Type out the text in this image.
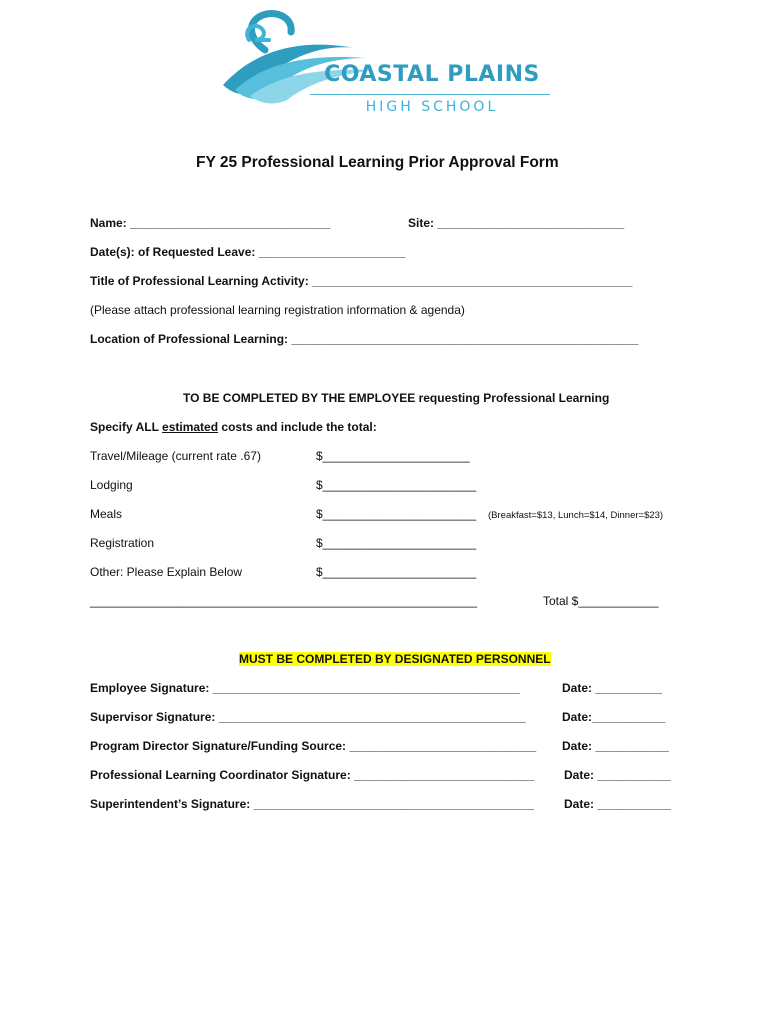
COASTAL PLAINS
HIGH SCHOOL
FY 25 Professional Learning Prior Approval Form
Name: ______________________________	Site: ____________________________
Date(s): of Requested Leave: ______________________
Title of Professional Learning Activity: ________________________________________________
(Please attach professional learning registration information & agenda)
Location of Professional Learning: ____________________________________________________
TO BE COMPLETED BY THE EMPLOYEE requesting Professional Learning
Specify ALL estimated costs and include the total:
Travel/Mileage (current rate .67)	$______________________
Lodging	$_______________________
Meals	$_______________________ (Breakfast=$13, Lunch=$14, Dinner=$23)
Registration	$_______________________
Other: Please Explain Below	$_______________________
__________________________________________________________	Total $____________
MUST BE COMPLETED BY DESIGNATED PERSONNEL
Employee Signature: ______________________________________________	Date: __________
Supervisor Signature: ______________________________________________	Date:___________
Program Director Signature/Funding Source: ____________________________ Date: ___________
Professional Learning Coordinator Signature: ___________________________ Date: ___________
Superintendent’s Signature: __________________________________________	Date: ___________
